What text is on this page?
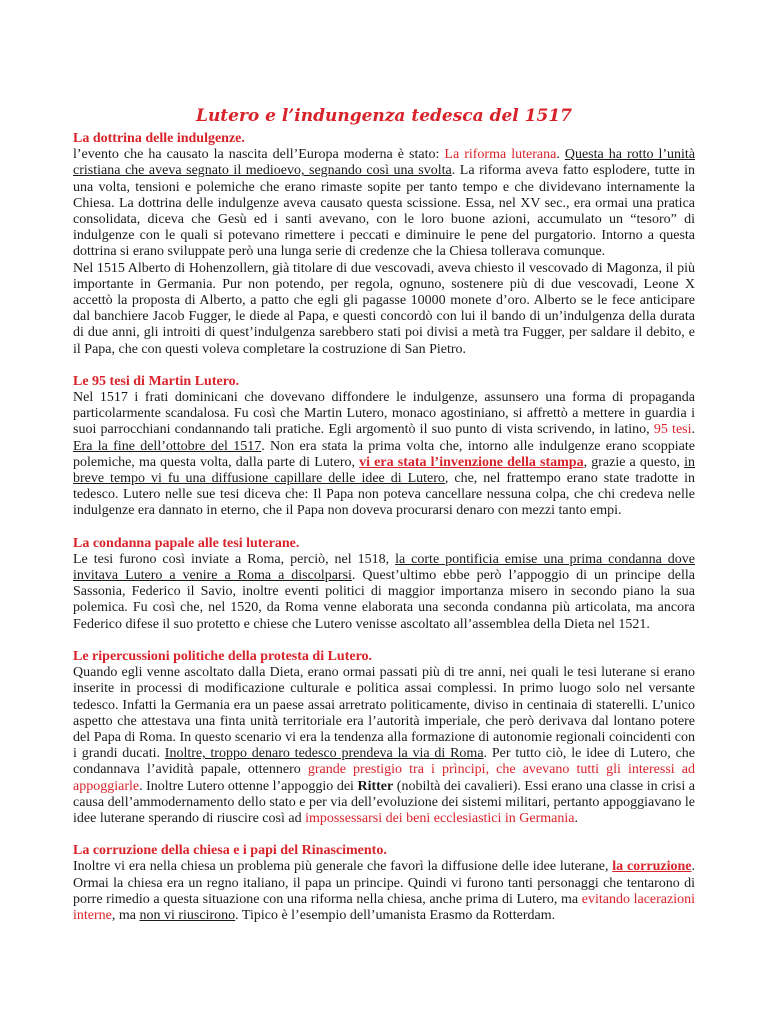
Lutero e l’indungenza tedesca del 1517
La dottrina delle indulgenze.

l’evento che ha causato la nascita dell’Europa moderna è stato: La riforma luterana. Questa ha rotto l’unità cristiana che aveva segnato il medioevo, segnando così una svolta. La riforma aveva fatto esplodere, tutte in una volta, tensioni e polemiche che erano rimaste sopite per tanto tempo e che dividevano internamente la Chiesa. La dottrina delle indulgenze aveva causato questa scissione. Essa, nel XV sec., era ormai una pratica consolidata, diceva che Gesù ed i santi avevano, con le loro buone azioni, accumulato un “tesoro” di indulgenze con le quali si potevano rimettere i peccati e diminuire le pene del purgatorio. Intorno a questa dottrina si erano sviluppate però una lunga serie di credenze che la Chiesa tollerava comunque.

Nel 1515 Alberto di Hohenzollern, già titolare di due vescovadi, aveva chiesto il vescovado di Magonza, il più importante in Germania. Pur non potendo, per regola, ognuno, sostenere più di due vescovadi, Leone X accettò la proposta di Alberto, a patto che egli gli pagasse 10000 monete d’oro. Alberto se le fece anticipare dal banchiere Jacob Fugger, le diede al Papa, e questi concordò con lui il bando di un’indulgenza della durata di due anni, gli introiti di quest’indulgenza sarebbero stati poi divisi a metà tra Fugger, per saldare il debito, e il Papa, che con questi voleva completare la costruzione di San Pietro.

Le 95 tesi di Martin Lutero.

Nel 1517 i frati dominicani che dovevano diffondere le indulgenze, assunsero una forma di propaganda particolarmente scandalosa. Fu così che Martin Lutero, monaco agostiniano, si affrettò a mettere in guardia i suoi parrocchiani condannando tali pratiche. Egli argomentò il suo punto di vista scrivendo, in latino, 95 tesi. Era la fine dell’ottobre del 1517. Non era stata la prima volta che, intorno alle indulgenze erano scoppiate polemiche, ma questa volta, dalla parte di Lutero, vi era stata l’invenzione della stampa, grazie a questo, in breve tempo vi fu una diffusione capillare delle idee di Lutero, che, nel frattempo erano state tradotte in tedesco. Lutero nelle sue tesi diceva che: Il Papa non poteva cancellare nessuna colpa, che chi credeva nelle indulgenze era dannato in eterno, che il Papa non doveva procurarsi denaro con mezzi tanto empi.

La condanna papale alle tesi luterane.

Le tesi furono così inviate a Roma, perciò, nel 1518, la corte pontificia emise una prima condanna dove invitava Lutero a venire a Roma a discolparsi. Quest’ultimo ebbe però l’appoggio di un principe della Sassonia, Federico il Savio, inoltre eventi politici di maggior importanza misero in secondo piano la sua polemica. Fu così che, nel 1520, da Roma venne elaborata una seconda condanna più articolata, ma ancora Federico difese il suo protetto e chiese che Lutero venisse ascoltato all’assemblea della Dieta nel 1521.

Le ripercussioni politiche della protesta di Lutero.

Quando egli venne ascoltato dalla Dieta, erano ormai passati più di tre anni, nei quali le tesi luterane si erano inserite in processi di modificazione culturale e politica assai complessi. In primo luogo solo nel versante tedesco. Infatti la Germania era un paese assai arretrato politicamente, diviso in centinaia di staterelli. L’unico aspetto che attestava una finta unità territoriale era l’autorità imperiale, che però derivava dal lontano potere del Papa di Roma. In questo scenario vi era la tendenza alla formazione di autonomie regionali coincidenti con i grandi ducati. Inoltre, troppo denaro tedesco prendeva la via di Roma. Per tutto ciò, le idee di Lutero, che condannava l’avidità papale, ottennero grande prestigio tra i prìncipi, che avevano tutti gli interessi ad appoggiarle. Inoltre Lutero ottenne l’appoggio dei Ritter (nobiltà dei cavalieri). Essi erano una classe in crisi a causa dell’ammodernamento dello stato e per via dell’evoluzione dei sistemi militari, pertanto appoggiavano le idee luterane sperando di riuscire così ad impossessarsi dei beni ecclesiastici in Germania.

La corruzione della chiesa e i papi del Rinascimento.

Inoltre vi era nella chiesa un problema più generale che favorì la diffusione delle idee luterane, la corruzione. Ormai la chiesa era un regno italiano, il papa un principe. Quindi vi furono tanti personaggi che tentarono di porre rimedio a questa situazione con una riforma nella chiesa, anche prima di Lutero, ma evitando lacerazioni interne, ma non vi riuscirono. Tipico è l’esempio dell’umanista Erasmo da Rotterdam.
